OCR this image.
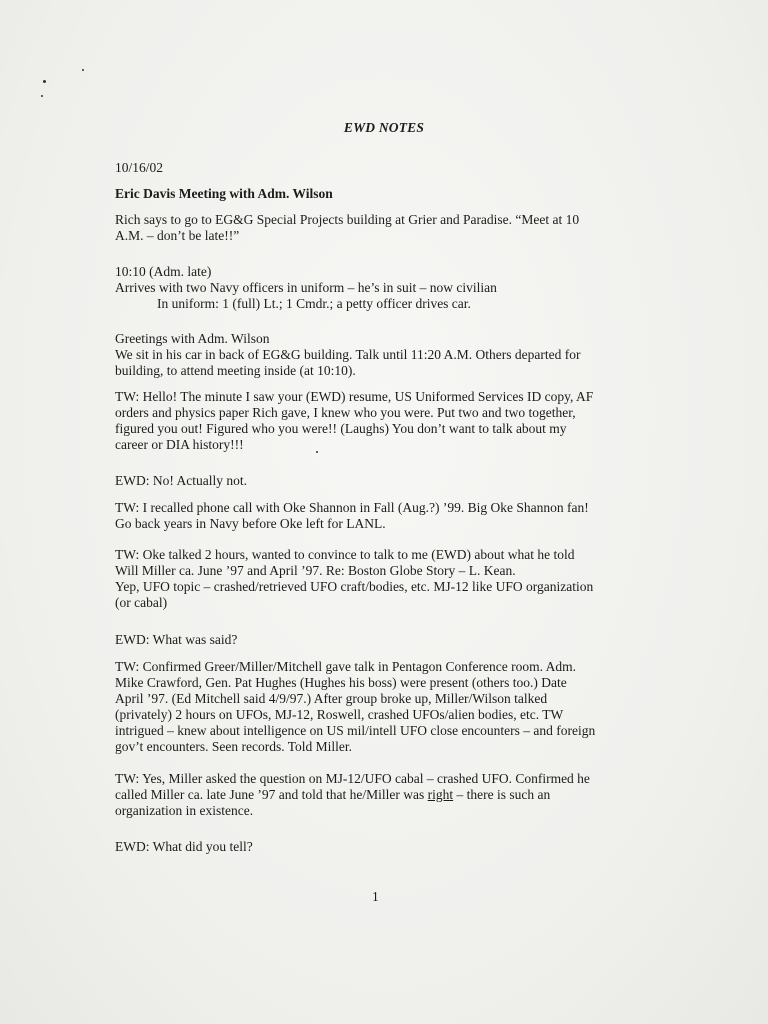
EWD NOTES
10/16/02
Eric Davis Meeting with Adm. Wilson
Rich says to go to EG&G Special Projects building at Grier and Paradise. “Meet at 10
A.M. – don’t be late!!”
10:10 (Adm. late)
Arrives with two Navy officers in uniform – he’s in suit – now civilian
In uniform: 1 (full) Lt.; 1 Cmdr.; a petty officer drives car.
Greetings with Adm. Wilson
We sit in his car in back of EG&G building. Talk until 11:20 A.M. Others departed for
building, to attend meeting inside (at 10:10).
TW: Hello! The minute I saw your (EWD) resume, US Uniformed Services ID copy, AF
orders and physics paper Rich gave, I knew who you were. Put two and two together,
figured you out! Figured who you were!! (Laughs) You don’t want to talk about my
career or DIA history!!!
EWD: No! Actually not.
TW: I recalled phone call with Oke Shannon in Fall (Aug.?) ’99. Big Oke Shannon fan!
Go back years in Navy before Oke left for LANL.
TW: Oke talked 2 hours, wanted to convince to talk to me (EWD) about what he told
Will Miller ca. June ’97 and April ’97. Re: Boston Globe Story – L. Kean.
Yep, UFO topic – crashed/retrieved UFO craft/bodies, etc. MJ-12 like UFO organization
(or cabal)
EWD: What was said?
TW: Confirmed Greer/Miller/Mitchell gave talk in Pentagon Conference room. Adm.
Mike Crawford, Gen. Pat Hughes (Hughes his boss) were present (others too.) Date
April ’97. (Ed Mitchell said 4/9/97.) After group broke up, Miller/Wilson talked
(privately) 2 hours on UFOs, MJ-12, Roswell, crashed UFOs/alien bodies, etc. TW
intrigued – knew about intelligence on US mil/intell UFO close encounters – and foreign
gov’t encounters. Seen records. Told Miller.
TW: Yes, Miller asked the question on MJ-12/UFO cabal – crashed UFO. Confirmed he
called Miller ca. late June ’97 and told that he/Miller was right – there is such an
organization in existence.
EWD: What did you tell?
1
